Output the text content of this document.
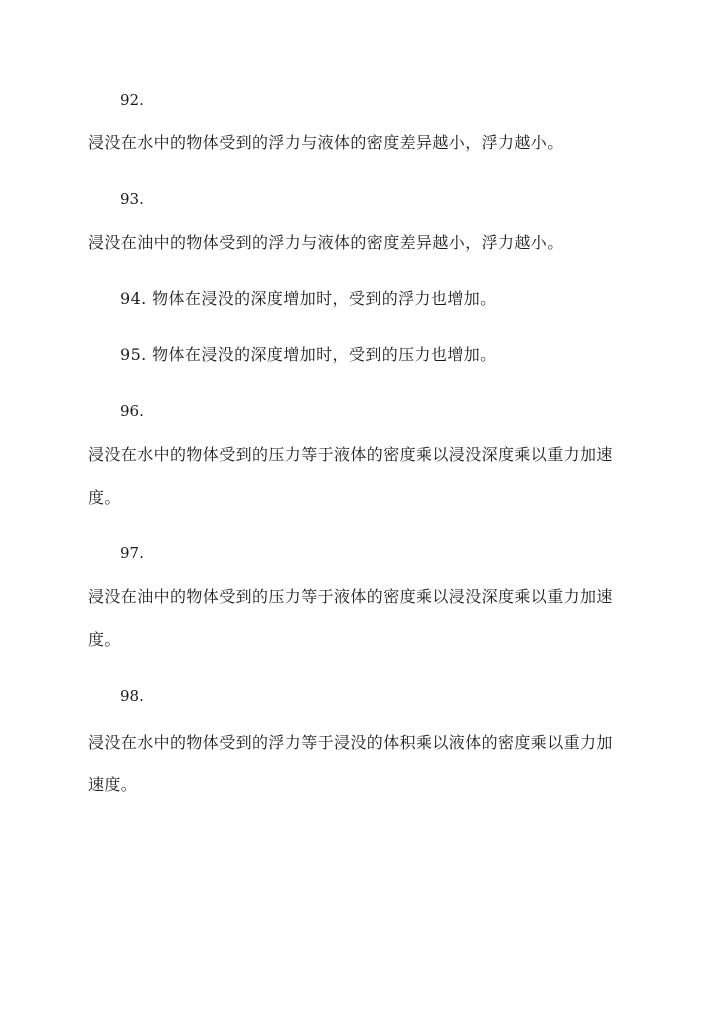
92.
浸没在水中的物体受到的浮力与液体的密度差异越小，浮力越小。
93.
浸没在油中的物体受到的浮力与液体的密度差异越小，浮力越小。
94. 物体在浸没的深度增加时，受到的浮力也增加。
95. 物体在浸没的深度增加时，受到的压力也增加。
96.
浸没在水中的物体受到的压力等于液体的密度乘以浸没深度乘以重力加速
度。
97.
浸没在油中的物体受到的压力等于液体的密度乘以浸没深度乘以重力加速
度。
98.
浸没在水中的物体受到的浮力等于浸没的体积乘以液体的密度乘以重力加
速度。
